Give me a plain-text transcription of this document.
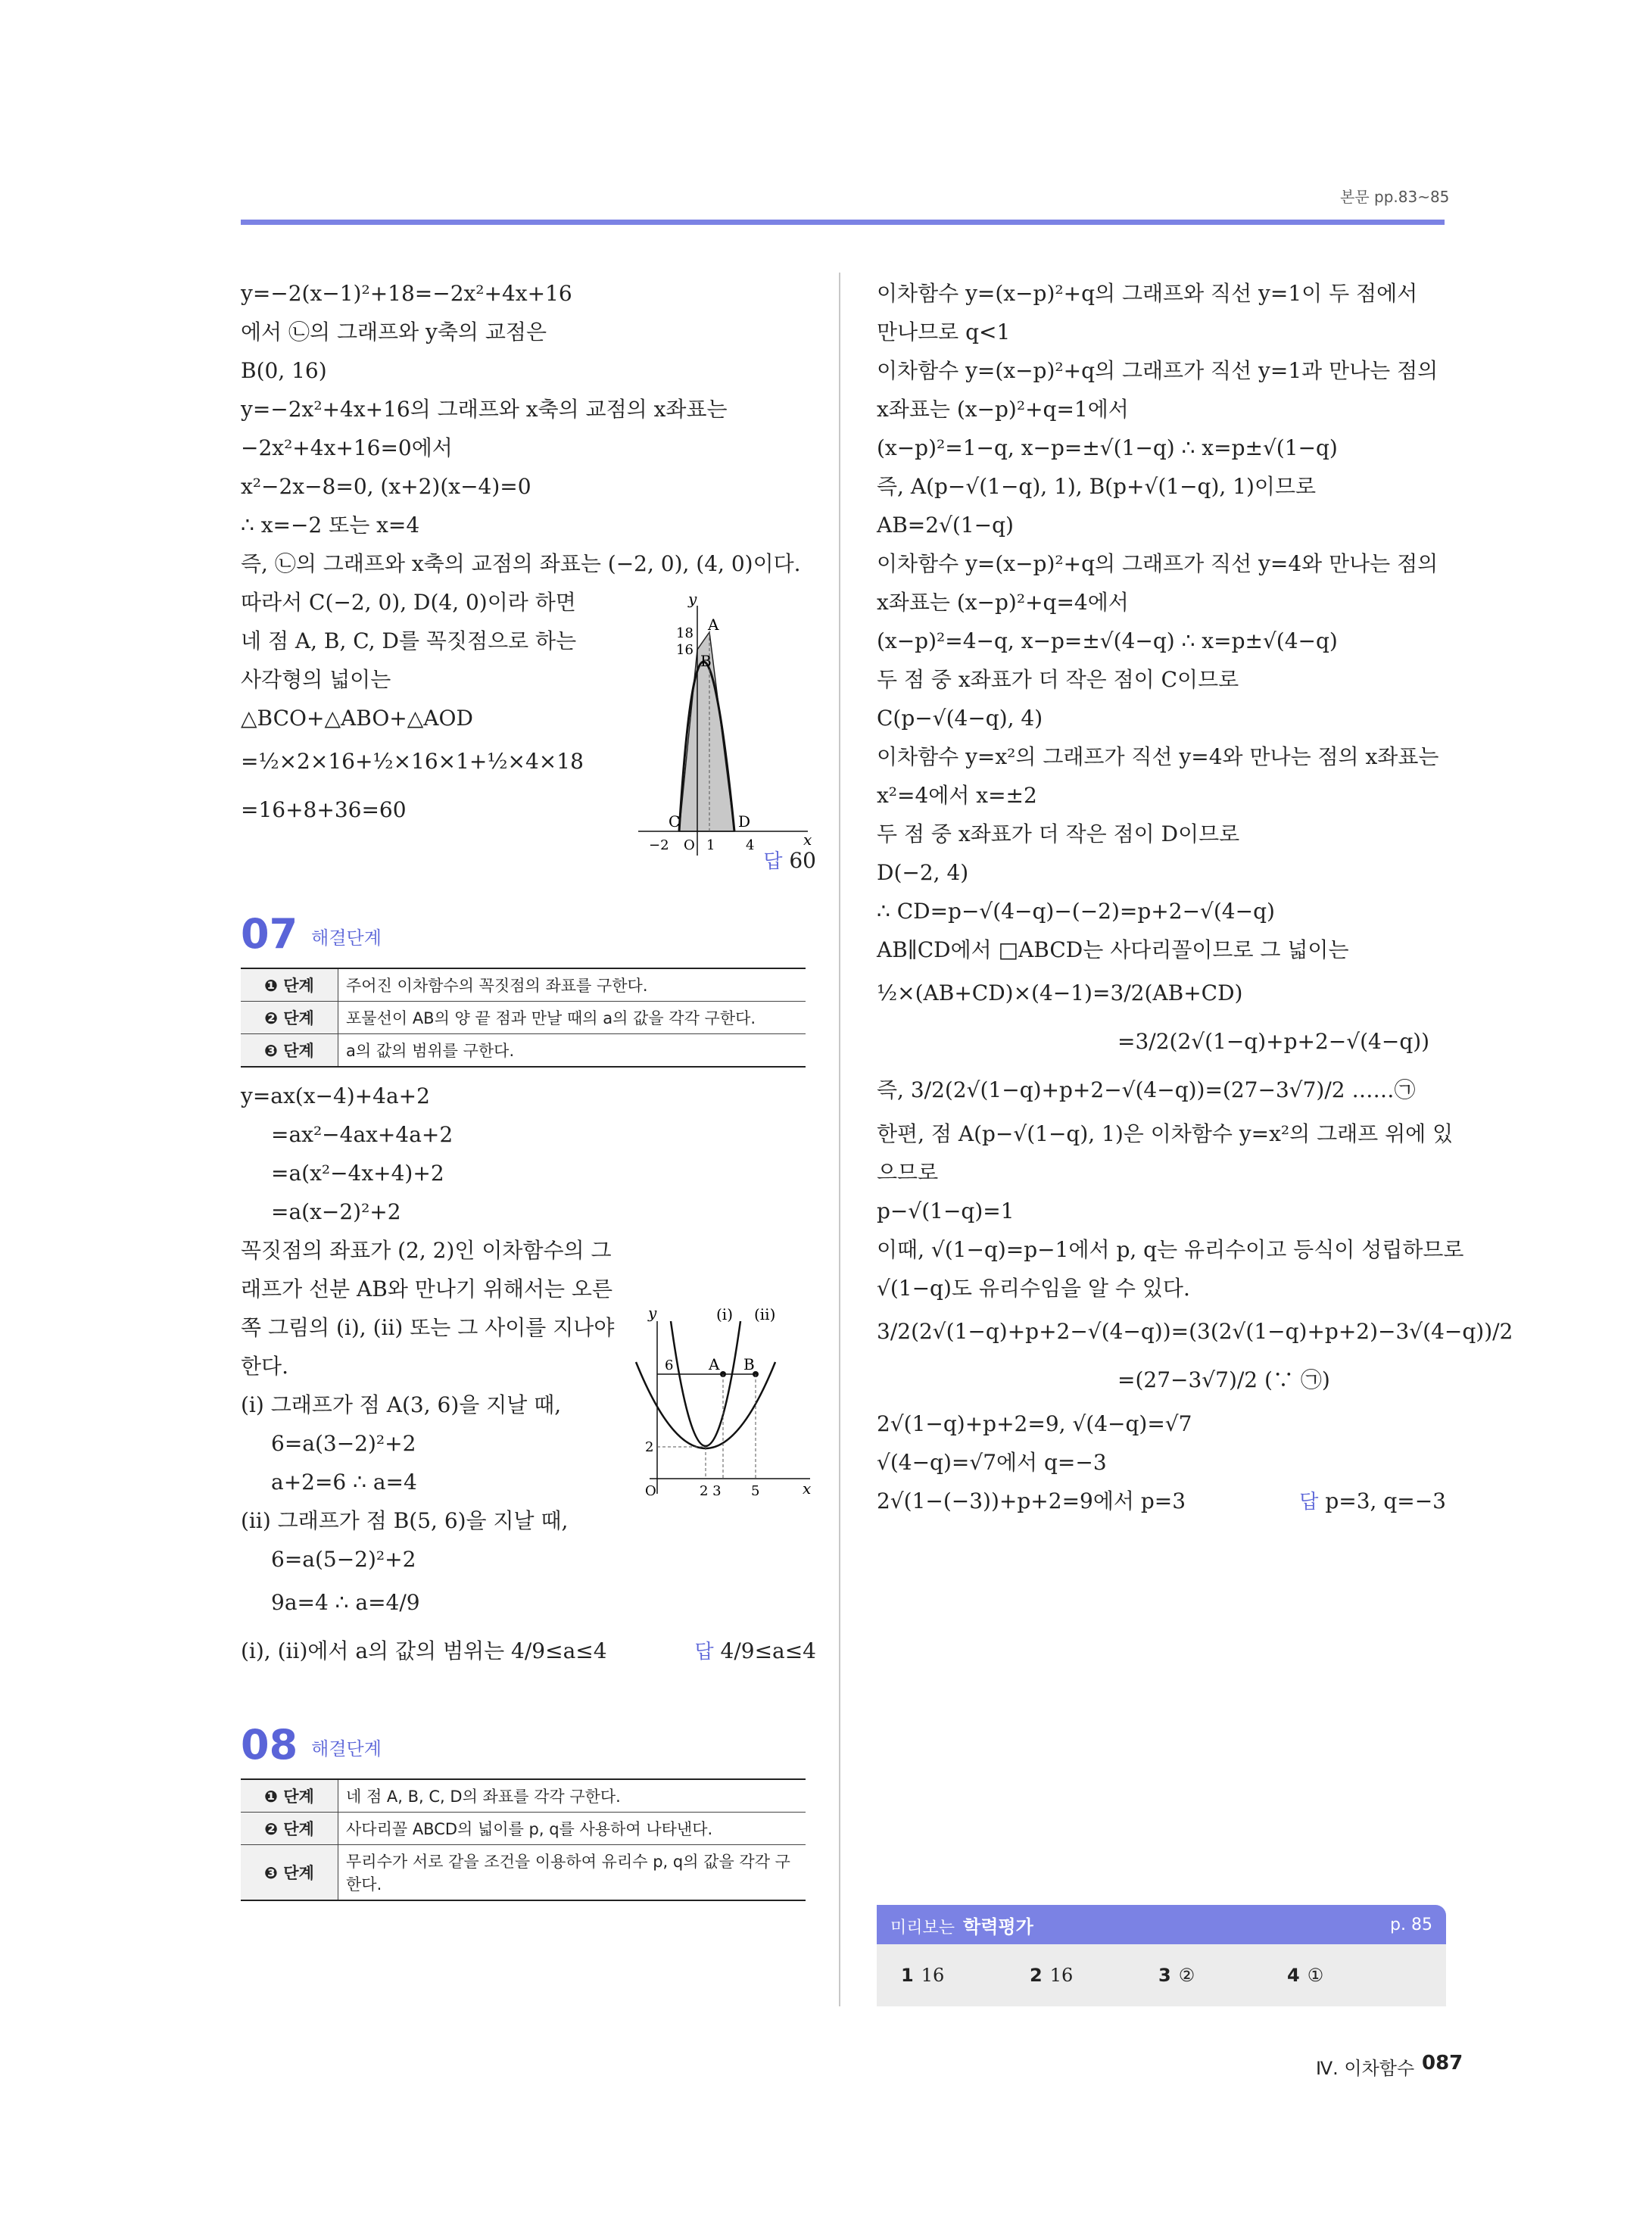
본문 pp.83~85
y=−2(x−1)²+18=−2x²+4x+16
에서 ㉡의 그래프와 y축의 교점은
B(0, 16)
y=−2x²+4x+16의 그래프와 x축의 교점의 x좌표는
−2x²+4x+16=0에서
x²−2x−8=0, (x+2)(x−4)=0
∴ x=−2 또는 x=4
즉, ㉡의 그래프와 x축의 교점의 좌표는 (−2, 0), (4, 0)이다.
따라서 C(−2, 0), D(4, 0)이라 하면
네 점 A, B, C, D를 꼭짓점으로 하는
사각형의 넓이는
△BCO+△ABO+△AOD
=½×2×16+½×16×1+½×4×18
=16+8+36=60
답 60
07 해결단계
❶ 단계	주어진 이차함수의 꼭짓점의 좌표를 구한다.
❷ 단계	포물선이 AB의 양 끝 점과 만날 때의 a의 값을 각각 구한다.
❸ 단계	a의 값의 범위를 구한다.
y=ax(x−4)+4a+2
=ax²−4ax+4a+2
=a(x²−4x+4)+2
=a(x−2)²+2
꼭짓점의 좌표가 (2, 2)인 이차함수의 그
래프가 선분 AB와 만나기 위해서는 오른
쪽 그림의 (ⅰ), (ⅱ) 또는 그 사이를 지나야
한다.
(ⅰ) 그래프가 점 A(3, 6)을 지날 때,
6=a(3−2)²+2
a+2=6 ∴ a=4
(ⅱ) 그래프가 점 B(5, 6)을 지날 때,
6=a(5−2)²+2
9a=4 ∴ a=4/9
(ⅰ), (ⅱ)에서 a의 값의 범위는 4/9≤a≤4	답 4/9≤a≤4
08 해결단계
❶ 단계	네 점 A, B, C, D의 좌표를 각각 구한다.
❷ 단계	사다리꼴 ABCD의 넓이를 p, q를 사용하여 나타낸다.
❸ 단계	무리수가 서로 같을 조건을 이용하여 유리수 p, q의 값을 각각 구한다.
y
x
18
16
A
B
C	D
−2 O 1 4
y
x
(ⅰ) (ⅱ)
6
2
A B
O	2 3 5
이차함수 y=(x−p)²+q의 그래프와 직선 y=1이 두 점에서
만나므로 q<1
이차함수 y=(x−p)²+q의 그래프가 직선 y=1과 만나는 점의
x좌표는 (x−p)²+q=1에서
(x−p)²=1−q, x−p=±√(1−q) ∴ x=p±√(1−q)
즉, A(p−√(1−q), 1), B(p+√(1−q), 1)이므로
AB=2√(1−q)
이차함수 y=(x−p)²+q의 그래프가 직선 y=4와 만나는 점의
x좌표는 (x−p)²+q=4에서
(x−p)²=4−q, x−p=±√(4−q) ∴ x=p±√(4−q)
두 점 중 x좌표가 더 작은 점이 C이므로
C(p−√(4−q), 4)
이차함수 y=x²의 그래프가 직선 y=4와 만나는 점의 x좌표는
x²=4에서 x=±2
두 점 중 x좌표가 더 작은 점이 D이므로
D(−2, 4)
∴ CD=p−√(4−q)−(−2)=p+2−√(4−q)
AB∥CD에서 □ABCD는 사다리꼴이므로 그 넓이는
½×(AB+CD)×(4−1)=3/2(AB+CD)
=3/2(2√(1−q)+p+2−√(4−q))
즉, 3/2(2√(1−q)+p+2−√(4−q))=(27−3√7)/2 ……㉠
한편, 점 A(p−√(1−q), 1)은 이차함수 y=x²의 그래프 위에 있
으므로
p−√(1−q)=1
이때, √(1−q)=p−1에서 p, q는 유리수이고 등식이 성립하므로
√(1−q)도 유리수임을 알 수 있다.
3/2(2√(1−q)+p+2−√(4−q))=(3(2√(1−q)+p+2)−3√(4−q))/2
=(27−3√7)/2 (∵ ㉠)
2√(1−q)+p+2=9, √(4−q)=√7
√(4−q)=√7에서 q=−3
2√(1−(−3))+p+2=9에서 p=3	답 p=3, q=−3
미리보는 학력평가	p. 85
1 16	2 16	3 ②	4 ①
Ⅳ. 이차함수 087
